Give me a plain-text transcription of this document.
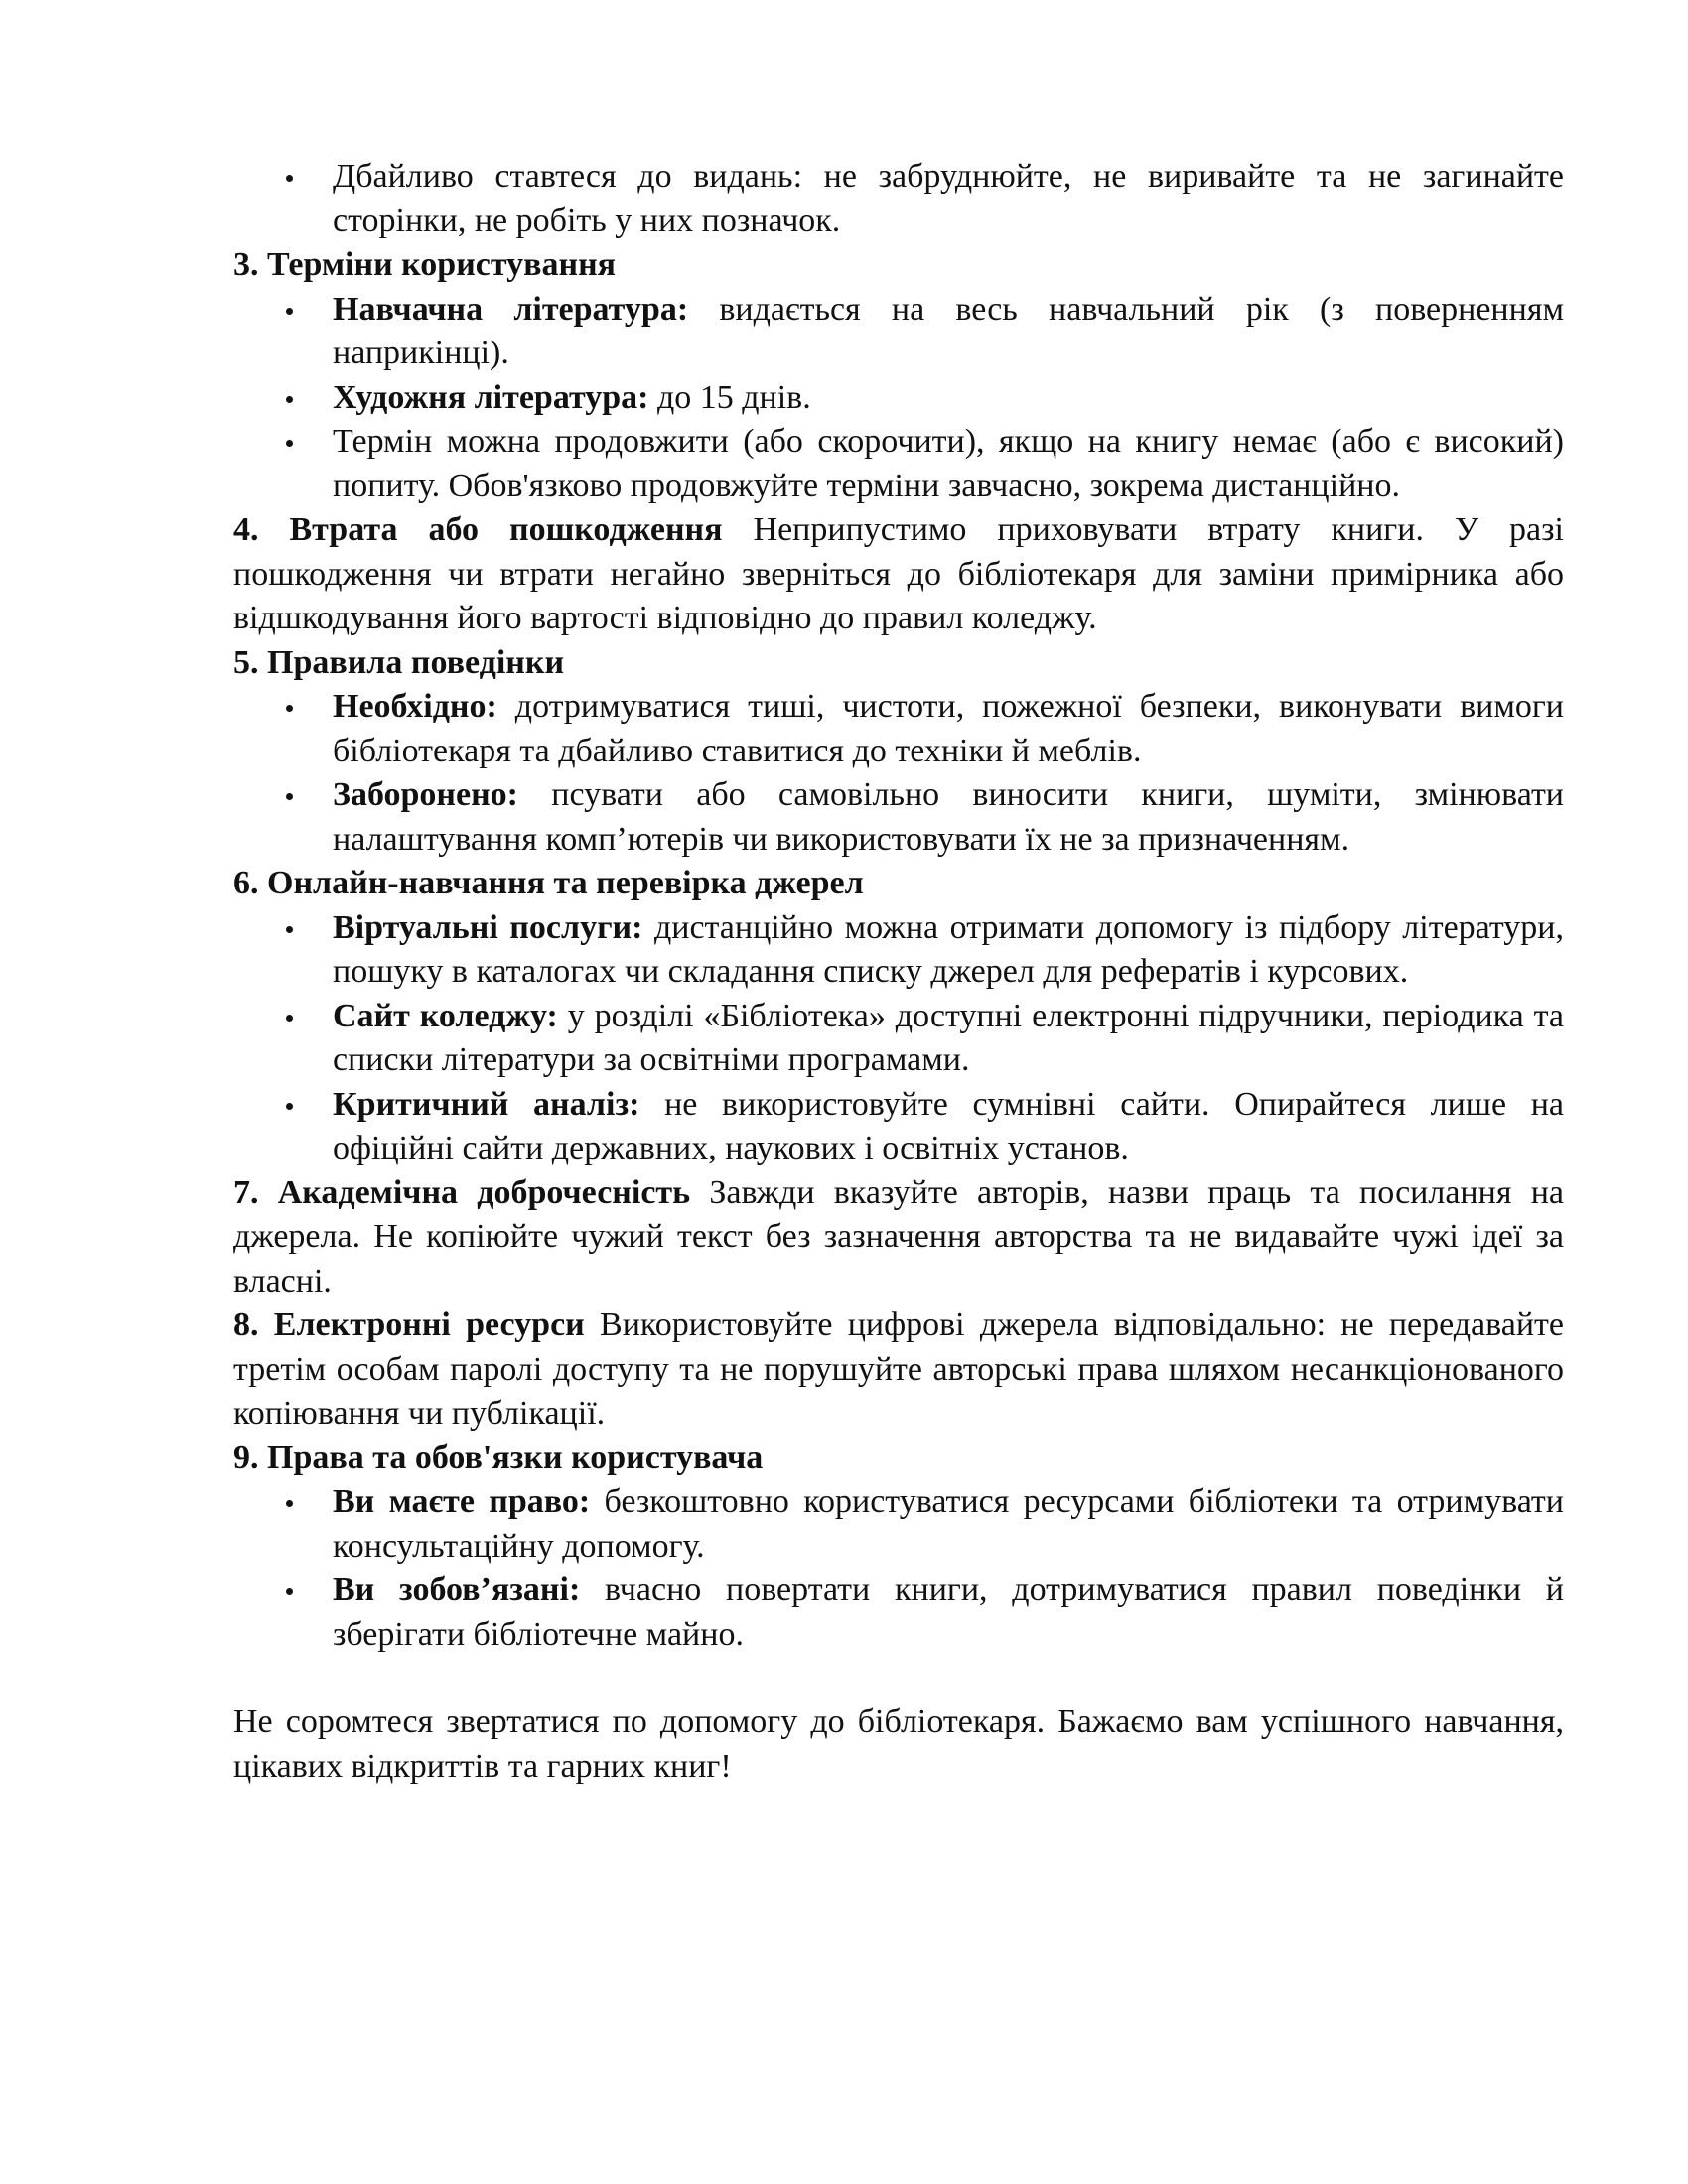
Дбайливо ставтеся до видань: не забруднюйте, не виривайте та не загинайте сторінки, не робіть у них позначок.

3. Терміни користування

Навчачна література: видається на весь навчальний рік (з поверненням наприкінці).
Художня література: до 15 днів.
Термін можна продовжити (або скорочити), якщо на книгу немає (або є високий) попиту. Обов'язково продовжуйте терміни завчасно, зокрема дистанційно.

4. Втрата або пошкодження Неприпустимо приховувати втрату книги. У разі пошкодження чи втрати негайно зверніться до бібліотекаря для заміни примірника або відшкодування його вартості відповідно до правил коледжу.

5. Правила поведінки

Необхідно: дотримуватися тиші, чистоти, пожежної безпеки, виконувати вимоги бібліотекаря та дбайливо ставитися до техніки й меблів.
Заборонено: псувати або самовільно виносити книги, шуміти, змінювати налаштування комп’ютерів чи використовувати їх не за призначенням.

6. Онлайн-навчання та перевірка джерел

Віртуальні послуги: дистанційно можна отримати допомогу із підбору літератури, пошуку в каталогах чи складання списку джерел для рефератів і курсових.
Сайт коледжу: у розділі «Бібліотека» доступні електронні підручники, періодика та списки літератури за освітніми програмами.
Критичний аналіз: не використовуйте сумнівні сайти. Опирайтеся лише на офіційні сайти державних, наукових і освітніх установ.

7. Академічна доброчесність Завжди вказуйте авторів, назви праць та посилання на джерела. Не копіюйте чужий текст без зазначення авторства та не видавайте чужі ідеї за власні.

8. Електронні ресурси Використовуйте цифрові джерела відповідально: не передавайте третім особам паролі доступу та не порушуйте авторські права шляхом несанкціонованого копіювання чи публікації.

9. Права та обов'язки користувача

Ви маєте право: безкоштовно користуватися ресурсами бібліотеки та отримувати консультаційну допомогу.
Ви зобов’язані: вчасно повертати книги, дотримуватися правил поведінки й зберігати бібліотечне майно.

Не соромтеся звертатися по допомогу до бібліотекаря. Бажаємо вам успішного навчання, цікавих відкриттів та гарних книг!
